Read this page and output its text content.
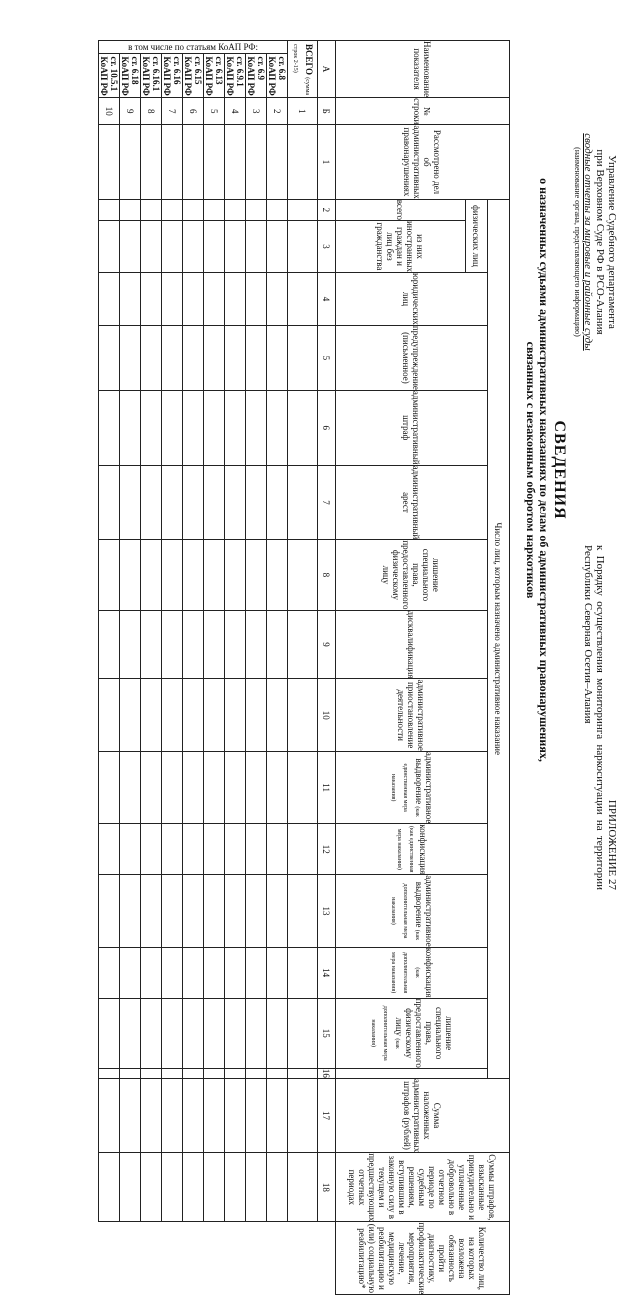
Управление Судебного департамента
при Верховном Суде РФ в РСО-Алания
сводные отчеты за мировые и районные суды
(наименование органа, представляющего информацию)
ПРИЛОЖЕНИЕ 27
к Порядку осуществления мониторинга наркоситуации на территории Республики Северная Осетия–Алания
СВЕДЕНИЯ
о назначенных судьями административных наказаниях по делам об административных правонарушениях,
связанных с незаконным оборотом наркотиков
Наименование показателя		№ строки	Рассмотрено дел об административных правонарушениях	Число лиц, которым назначено административное наказание															Сумма наложенных административных штрафов (рублей)	Суммы штрафов, взысканные принудительно и уплаченные добровольно в отчетном периоде по судебным решениям, вступившим в законную силу в текущем и предшествующих отчетных периодах	Количество лиц, на которых возложена обязанность пройти диагностику, профилактические мероприятия, лечение, медицинскую реабилитацию и (или) социальную реабилитацию*
				физических лиц		юридических лиц	предупреждение (письменное)	административный штраф	административный арест	лишение специального права, предоставленного физическому лицу	дисквалификация	административное приостановление деятельности	административное выдворение (как единственная мера наказания)	конфискация (как единственная мера наказания)	административное выдворение (как дополнительная мера наказания)	конфискация (как дополнительная мера наказания)	лишение специального права, предоставленного физическому лицу (как дополнительная мера наказания)				
				всего	из них иностранных граждан и лиц без гражданства																
А		Б	1	2	3	4	5	6	7	8	9	10	11	12	13	14	15	16	17	18	
ВСЕГО (сумма строк 2-15)		1																			

в том числе по статьям КоАП РФ:	ст. 6.8 КоАП РФ	2																			
	ст. 6.9 КоАП РФ	3																			
	ст. 6.9.1 КоАП РФ	4																			
	ст. 6.13 КоАП РФ	5																			
	ст. 6.15 КоАП РФ	6																			
	ст. 6.16 КоАП РФ	7																			
	ст. 6.16.1 КоАП РФ	8																			
	ст. 6.18 КоАП РФ	9																			
	ст. 10.5.1 КоАП РФ	10																			
